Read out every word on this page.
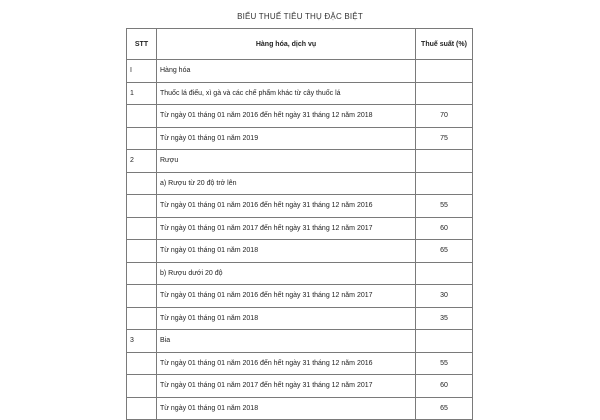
BIỂU THUẾ TIÊU THỤ ĐẶC BIỆT
STT	Hàng hóa, dịch vụ	Thuế suất (%)
I	Hàng hóa	
1	Thuốc lá điếu, xì gà và các chế phẩm khác từ cây thuốc lá	
	Từ ngày 01 tháng 01 năm 2016 đến hết ngày 31 tháng 12 năm 2018	70
	Từ ngày 01 tháng 01 năm 2019	75
2	Rượu	
	a) Rượu từ 20 độ trở lên	
	Từ ngày 01 tháng 01 năm 2016 đến hết ngày 31 tháng 12 năm 2016	55
	Từ ngày 01 tháng 01 năm 2017 đến hết ngày 31 tháng 12 năm 2017	60
	Từ ngày 01 tháng 01 năm 2018	65
	b) Rượu dưới 20 độ	
	Từ ngày 01 tháng 01 năm 2016 đến hết ngày 31 tháng 12 năm 2017	30
	Từ ngày 01 tháng 01 năm 2018	35
3	Bia	
	Từ ngày 01 tháng 01 năm 2016 đến hết ngày 31 tháng 12 năm 2016	55
	Từ ngày 01 tháng 01 năm 2017 đến hết ngày 31 tháng 12 năm 2017	60
	Từ ngày 01 tháng 01 năm 2018	65
